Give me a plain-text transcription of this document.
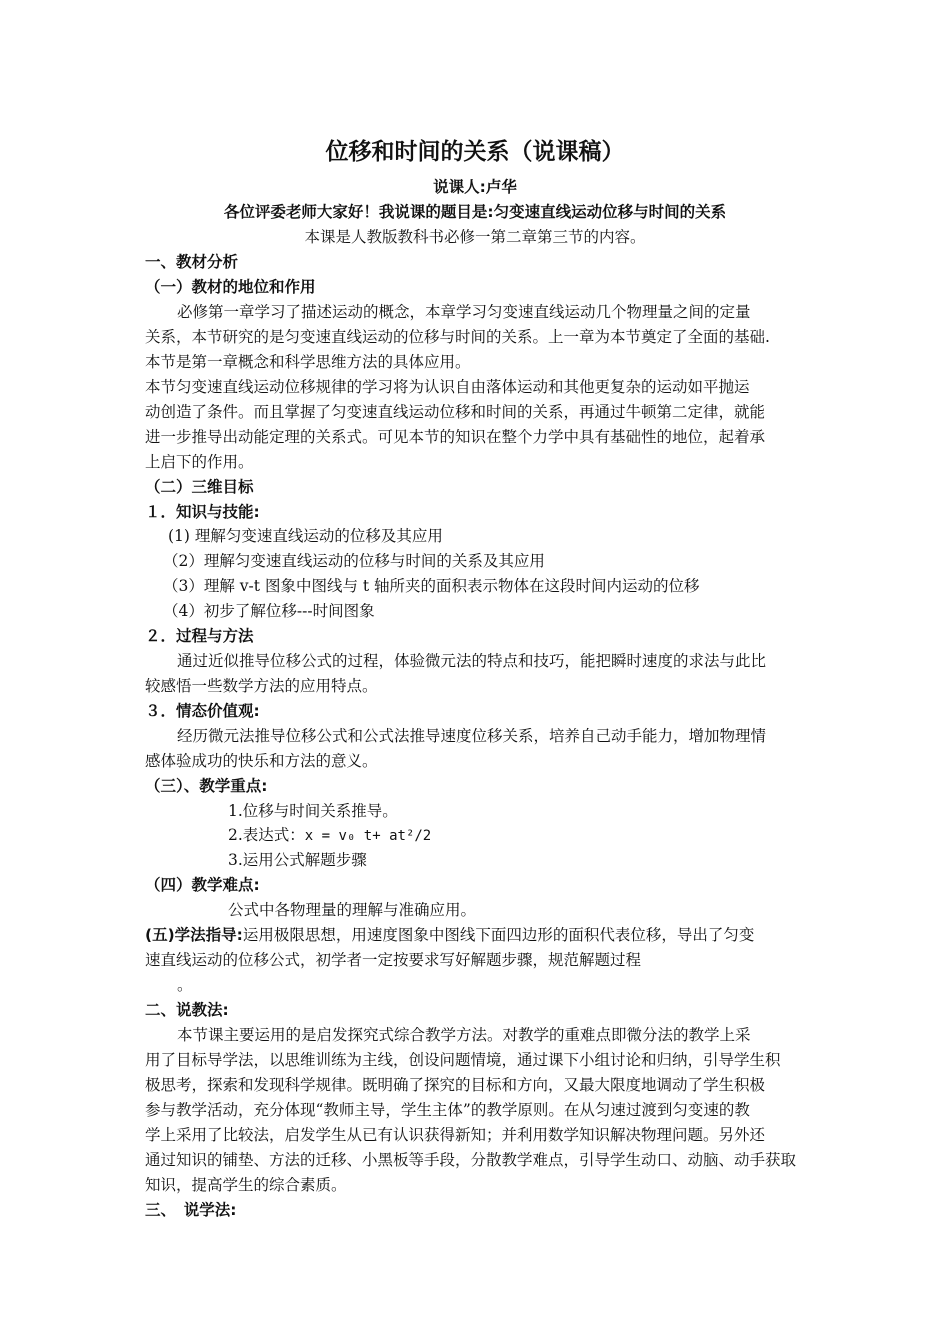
位移和时间的关系（说课稿）
说课人:卢华
各位评委老师大家好！我说课的题目是:匀变速直线运动位移与时间的关系
本课是人教版教科书必修一第二章第三节的内容。
一、教材分析
（一）教材的地位和作用
必修第一章学习了描述运动的概念，本章学习匀变速直线运动几个物理量之间的定量
关系，本节研究的是匀变速直线运动的位移与时间的关系。上一章为本节奠定了全面的基础.
本节是第一章概念和科学思维方法的具体应用。
本节匀变速直线运动位移规律的学习将为认识自由落体运动和其他更复杂的运动如平抛运
动创造了条件。而且掌握了匀变速直线运动位移和时间的关系，再通过牛顿第二定律，就能
进一步推导出动能定理的关系式。可见本节的知识在整个力学中具有基础性的地位，起着承
上启下的作用。
（二）三维目标
１．知识与技能:
(1) 理解匀变速直线运动的位移及其应用
（2）理解匀变速直线运动的位移与时间的关系及其应用
（3）理解 v-t 图象中图线与 t 轴所夹的面积表示物体在这段时间内运动的位移
（4）初步了解位移---时间图象
２．过程与方法
通过近似推导位移公式的过程，体验微元法的特点和技巧，能把瞬时速度的求法与此比
较感悟一些数学方法的应用特点。
３．情态价值观:
经历微元法推导位移公式和公式法推导速度位移关系，培养自己动手能力，增加物理情
感体验成功的快乐和方法的意义。
（三）、教学重点:
1.位移与时间关系推导。
2.表达式：x = v₀ t+ at²/2
3.运用公式解题步骤
（四）教学难点:
公式中各物理量的理解与准确应用。
(五)学法指导:运用极限思想，用速度图象中图线下面四边形的面积代表位移，导出了匀变
速直线运动的位移公式，初学者一定按要求写好解题步骤，规范解题过程
。
二、说教法:
本节课主要运用的是启发探究式综合教学方法。对教学的重难点即微分法的教学上采
用了目标导学法，以思维训练为主线，创设问题情境，通过课下小组讨论和归纳，引导学生积
极思考，探索和发现科学规律。既明确了探究的目标和方向，又最大限度地调动了学生积极
参与教学活动，充分体现“教师主导，学生主体”的教学原则。在从匀速过渡到匀变速的教
学上采用了比较法，启发学生从已有认识获得新知；并利用数学知识解决物理问题。另外还
通过知识的铺垫、方法的迁移、小黑板等手段，分散教学难点，引导学生动口、动脑、动手获取
知识，提高学生的综合素质。
三、　说学法:
